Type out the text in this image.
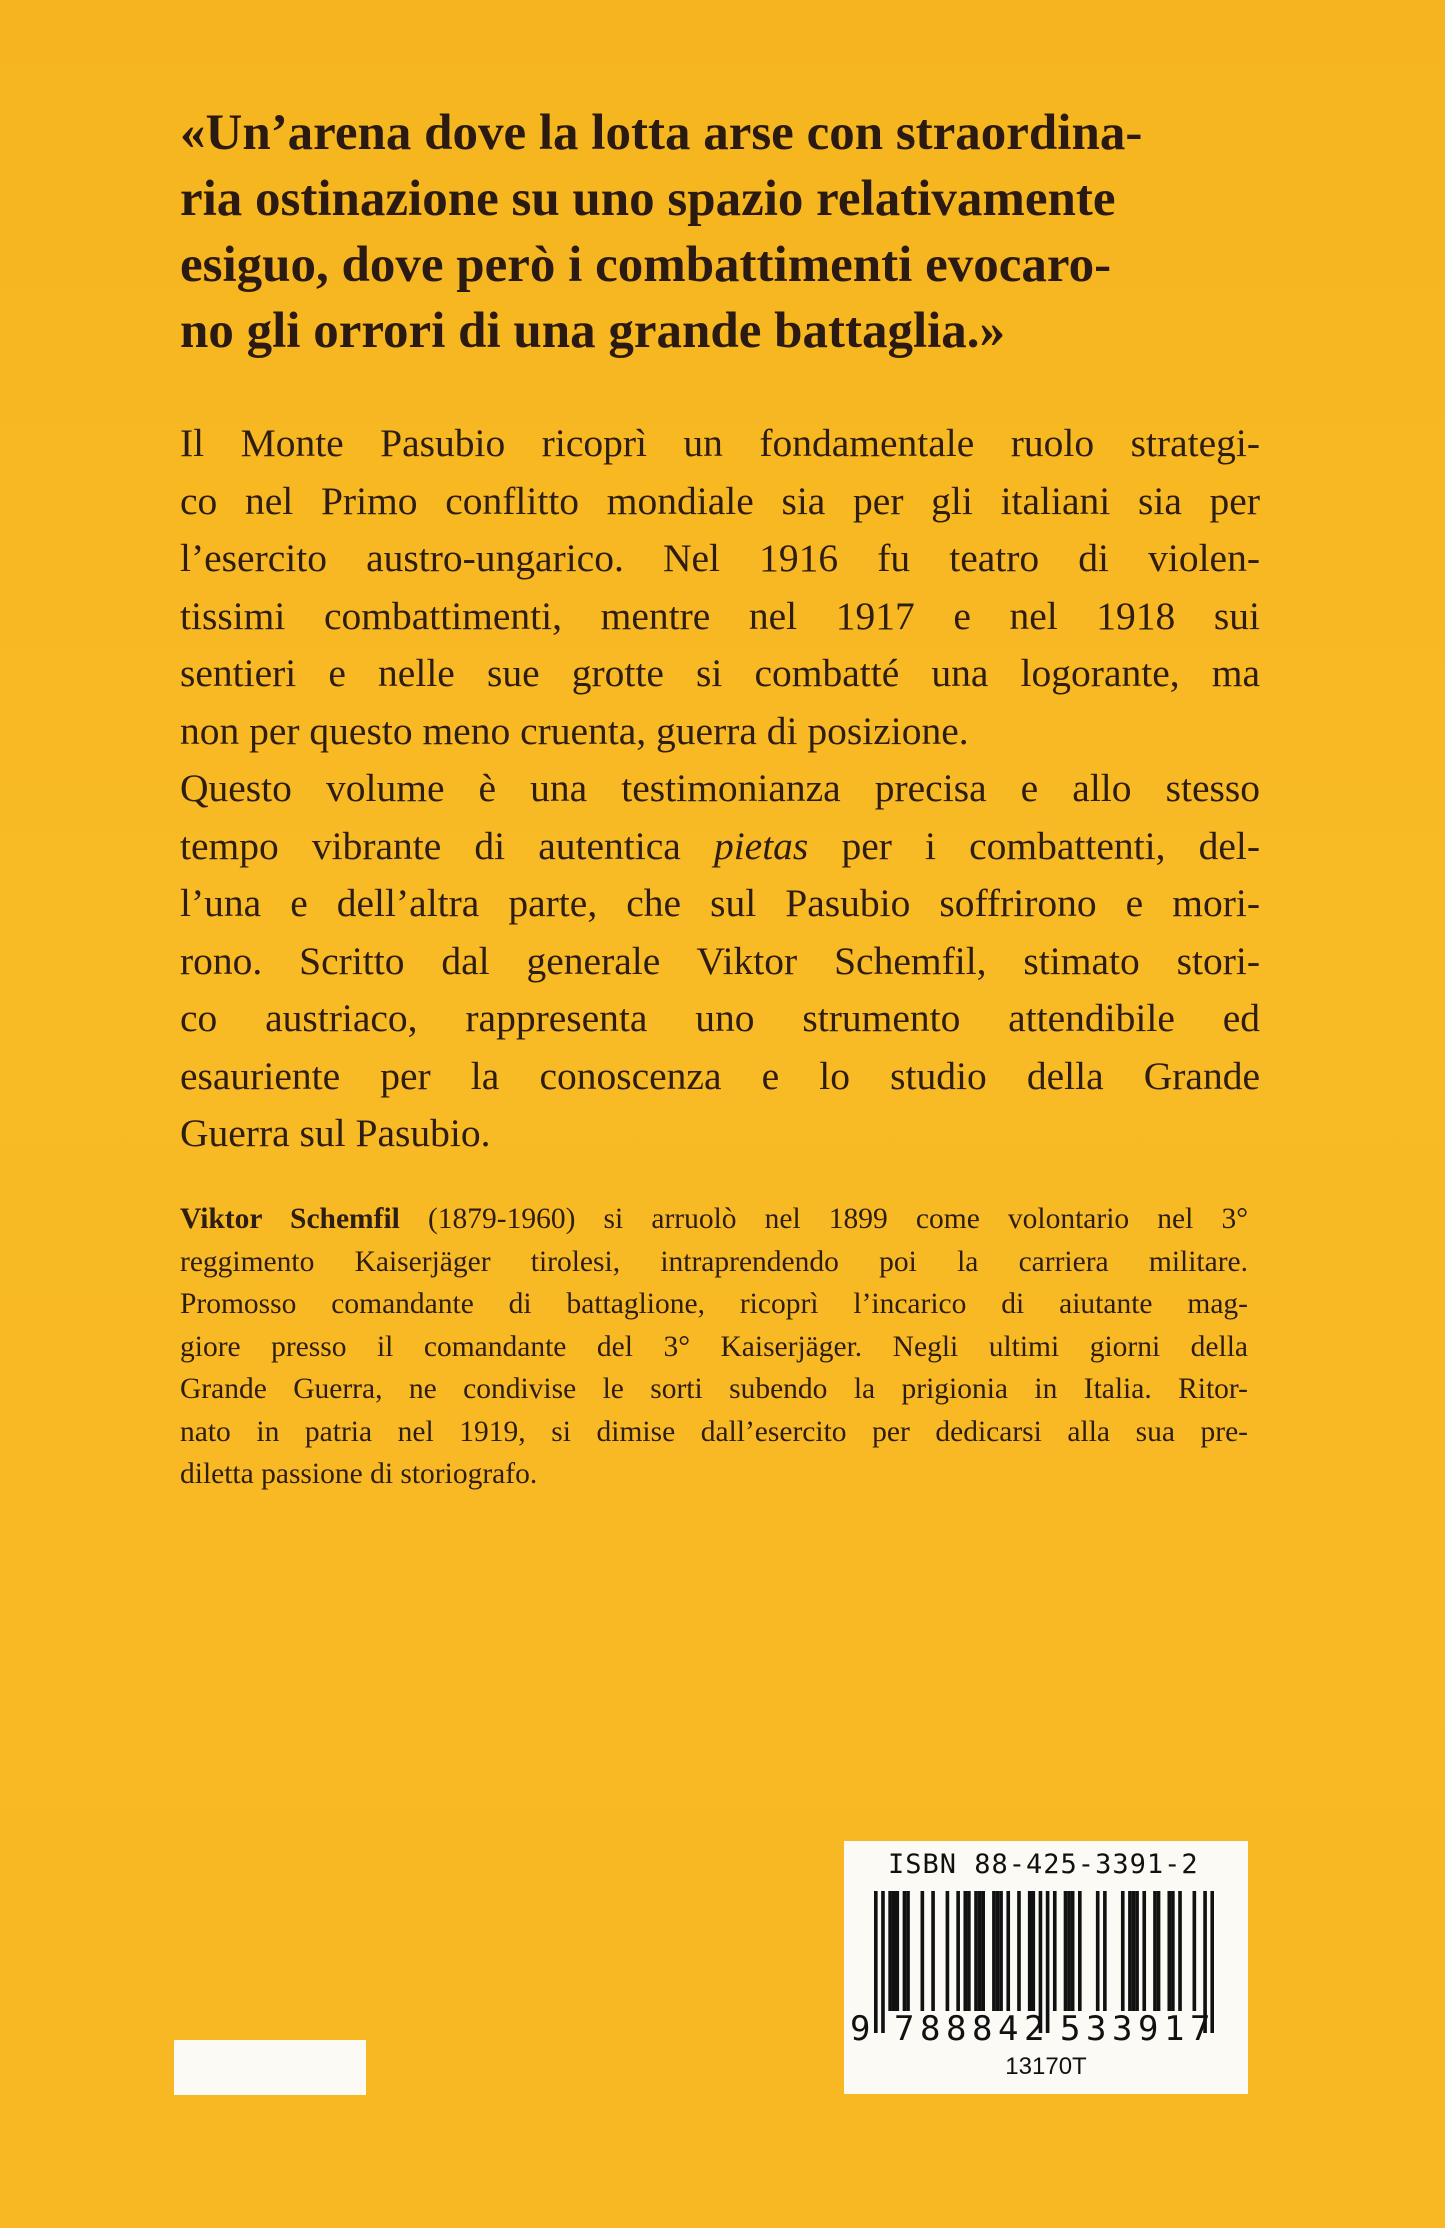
«Un’arena dove la lotta arse con straordina-
ria ostinazione su uno spazio relativamente
esiguo, dove però i combattimenti evocaro-
no gli orrori di una grande battaglia.»

Il Monte Pasubio ricoprì un fondamentale ruolo strategi-
co nel Primo conflitto mondiale sia per gli italiani sia per
l’esercito austro-ungarico. Nel 1916 fu teatro di violen-
tissimi combattimenti, mentre nel 1917 e nel 1918 sui
sentieri e nelle sue grotte si combatté una logorante, ma
non per questo meno cruenta, guerra di posizione.
Questo volume è una testimonianza precisa e allo stesso
tempo vibrante di autentica pietas per i combattenti, del-
l’una e dell’altra parte, che sul Pasubio soffrirono e mori-
rono. Scritto dal generale Viktor Schemfil, stimato stori-
co austriaco, rappresenta uno strumento attendibile ed
esauriente per la conoscenza e lo studio della Grande
Guerra sul Pasubio.

Viktor Schemfil (1879-1960) si arruolò nel 1899 come volontario nel 3°
reggimento Kaiserjäger tirolesi, intraprendendo poi la carriera militare.
Promosso comandante di battaglione, ricoprì l’incarico di aiutante mag-
giore presso il comandante del 3° Kaiserjäger. Negli ultimi giorni della
Grande Guerra, ne condivise le sorti subendo la prigionia in Italia. Ritor-
nato in patria nel 1919, si dimise dall’esercito per dedicarsi alla sua pre-
diletta passione di storiografo.

ISBN 88-425-3391-2
9 7 8 8 8 4 2 5 3 3 9 1 7
13170T
